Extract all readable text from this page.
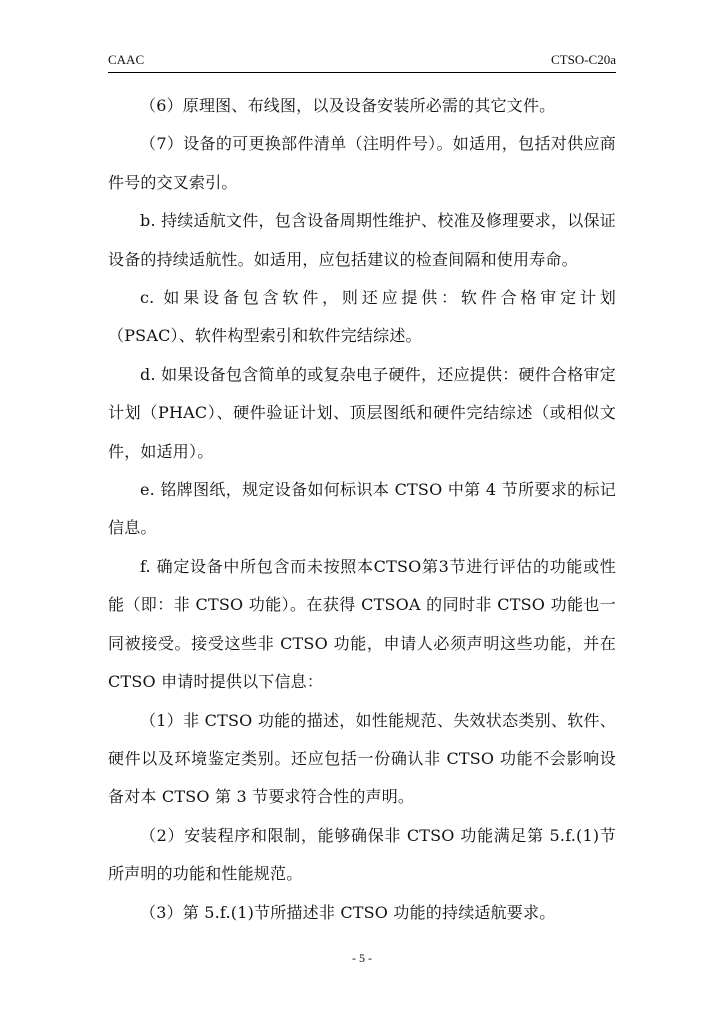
CAAC	CTSO-C20a

（6）原理图、布线图，以及设备安装所必需的其它文件。

（7）设备的可更换部件清单（注明件号）。如适用，包括对供应商件号的交叉索引。

b. 持续适航文件，包含设备周期性维护、校准及修理要求，以保证设备的持续适航性。如适用，应包括建议的检查间隔和使用寿命。

c. 如果设备包含软件，则还应提供：软件合格审定计划（PSAC）、软件构型索引和软件完结综述。

d. 如果设备包含简单的或复杂电子硬件，还应提供：硬件合格审定计划（PHAC）、硬件验证计划、顶层图纸和硬件完结综述（或相似文件，如适用）。

e. 铭牌图纸，规定设备如何标识本 CTSO 中第 4 节所要求的标记信息。

f. 确定设备中所包含而未按照本CTSO第3节进行评估的功能或性能（即：非 CTSO 功能）。在获得 CTSOA 的同时非 CTSO 功能也一同被接受。接受这些非 CTSO 功能，申请人必须声明这些功能，并在 CTSO 申请时提供以下信息：

（1）非 CTSO 功能的描述，如性能规范、失效状态类别、软件、硬件以及环境鉴定类别。还应包括一份确认非 CTSO 功能不会影响设备对本 CTSO 第 3 节要求符合性的声明。

（2）安装程序和限制，能够确保非 CTSO 功能满足第 5.f.(1)节所声明的功能和性能规范。

（3）第 5.f.(1)节所描述非 CTSO 功能的持续适航要求。

- 5 -
